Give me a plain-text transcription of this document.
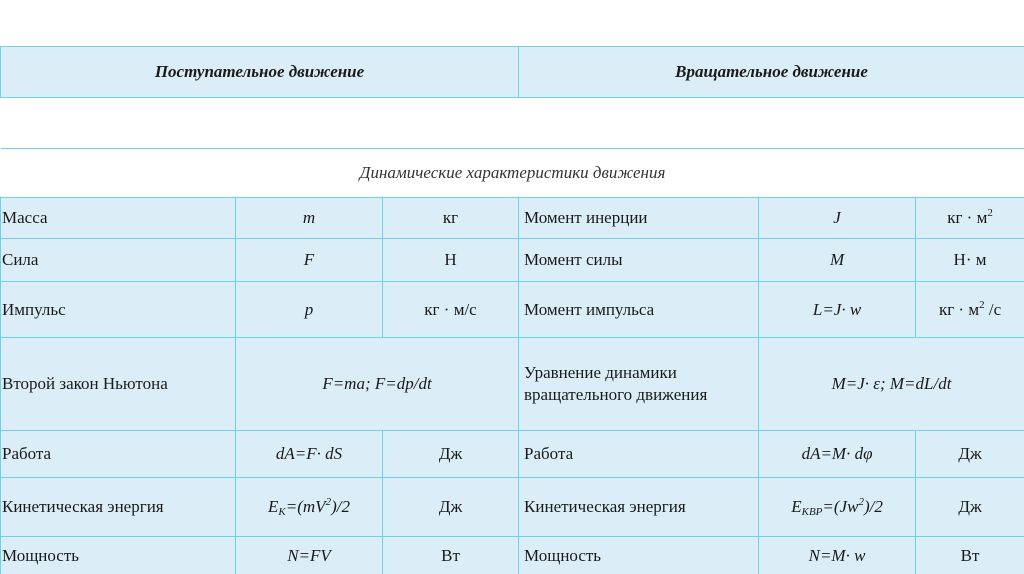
Поступательное движение			Вращательное движение		

Динамические характеристики движения					
Масса	m	кг	Момент инерции	J	кг · $м^2$
Сила	F	Н	Момент силы	M	Н· м
Импульс	p	кг · м/с	Момент импульса	L=J· w	кг · $м^2$ /с
Второй закон Ньютона	F=ma; F=dp/dt		Уравнение динамики вращательного движения	M=J· ε; M=dL/dt	
Работа	dA=F· dS	Дж	Работа	dA=M· dφ	Дж
Кинетическая энергия	$E_K=(mV^2)/2$	Дж	Кинетическая энергия	$E_{KBP}=(Jw^2)/2$	Дж
Мощность	N=FV	Вт	Мощность	N=M· w	Вт
